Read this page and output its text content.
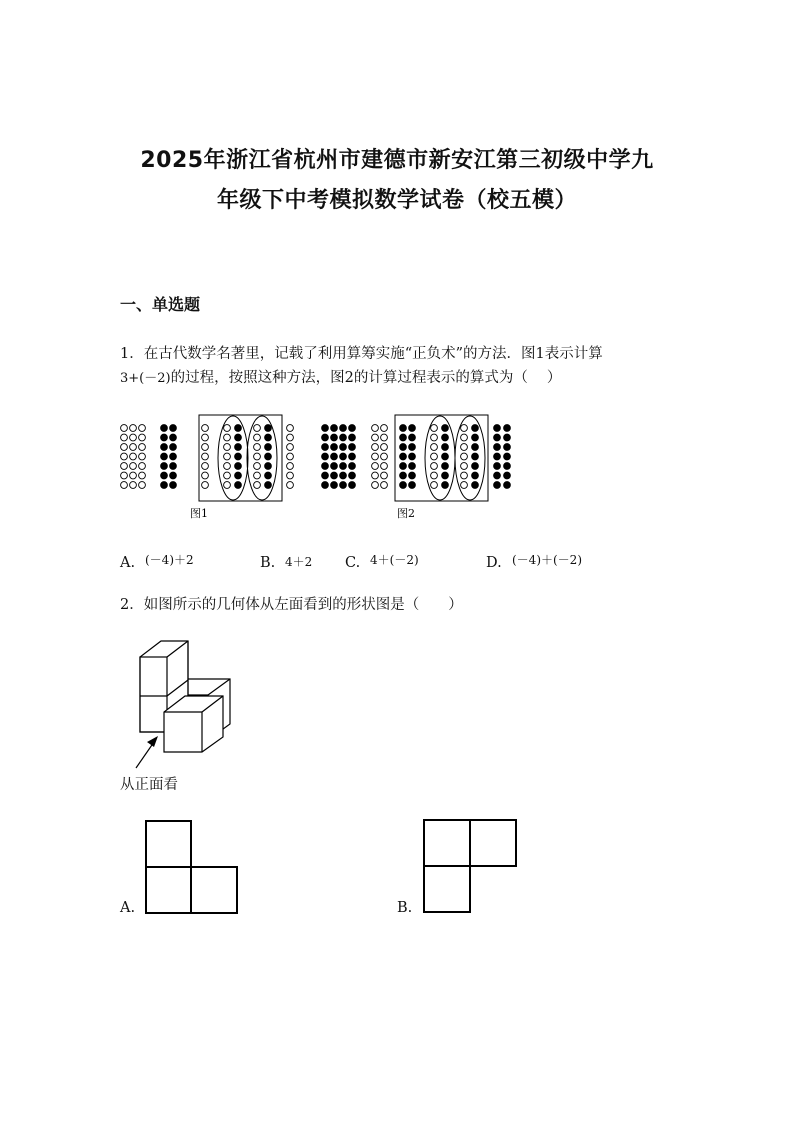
2025年浙江省杭州市建德市新安江第三初级中学九
年级下中考模拟数学试卷（校五模）
一、单选题
1．在古代数学名著里，记载了利用算筹实施“正负术”的方法．图1表示计算
3+(－2)的过程，按照这种方法，图2的计算过程表示的算式为（　 ）
图1	图2
A. (－4)＋2	B. 4＋2 C. 4＋(－2)	D. (－4)＋(－2)
2．如图所示的几何体从左面看到的形状图是（　　）
从正面看
A.	B.
